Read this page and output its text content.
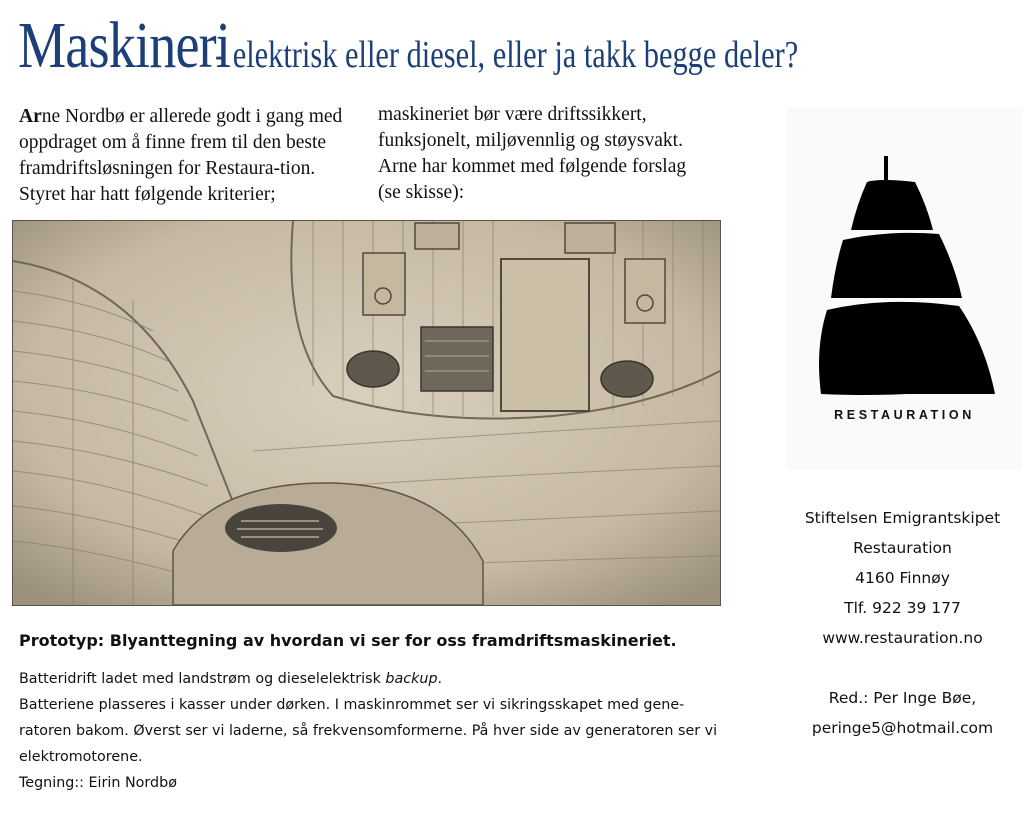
Maskineri- elektrisk eller diesel, eller ja takk begge deler?
Arne Nordbø er allerede godt i gang med oppdraget om å finne frem til den beste framdriftsløsningen for Restaura-tion. Styret har hatt følgende kriterier;
maskineriet bør være driftssikkert, funksjonelt, miljøvennlig og støysvakt. Arne har kommet med følgende forslag (se skisse):
RESTAURATION
Stiftelsen Emigrantskipet
Restauration
4160 Finnøy
Tlf. 922 39 177
www.restauration.no
Red.: Per Inge Bøe,
peringe5@hotmail.com
Prototyp: Blyanttegning av hvordan vi ser for oss framdriftsmaskineriet.

Batteridrift ladet med landstrøm og dieselelektrisk backup.

Batteriene plasseres i kasser under dørken. I maskinrommet ser vi sikringsskapet med gene-ratoren bakom. Øverst ser vi laderne, så frekvensomformerne. På hver side av generatoren ser vi elektromotorene.

Tegning:: Eirin Nordbø
